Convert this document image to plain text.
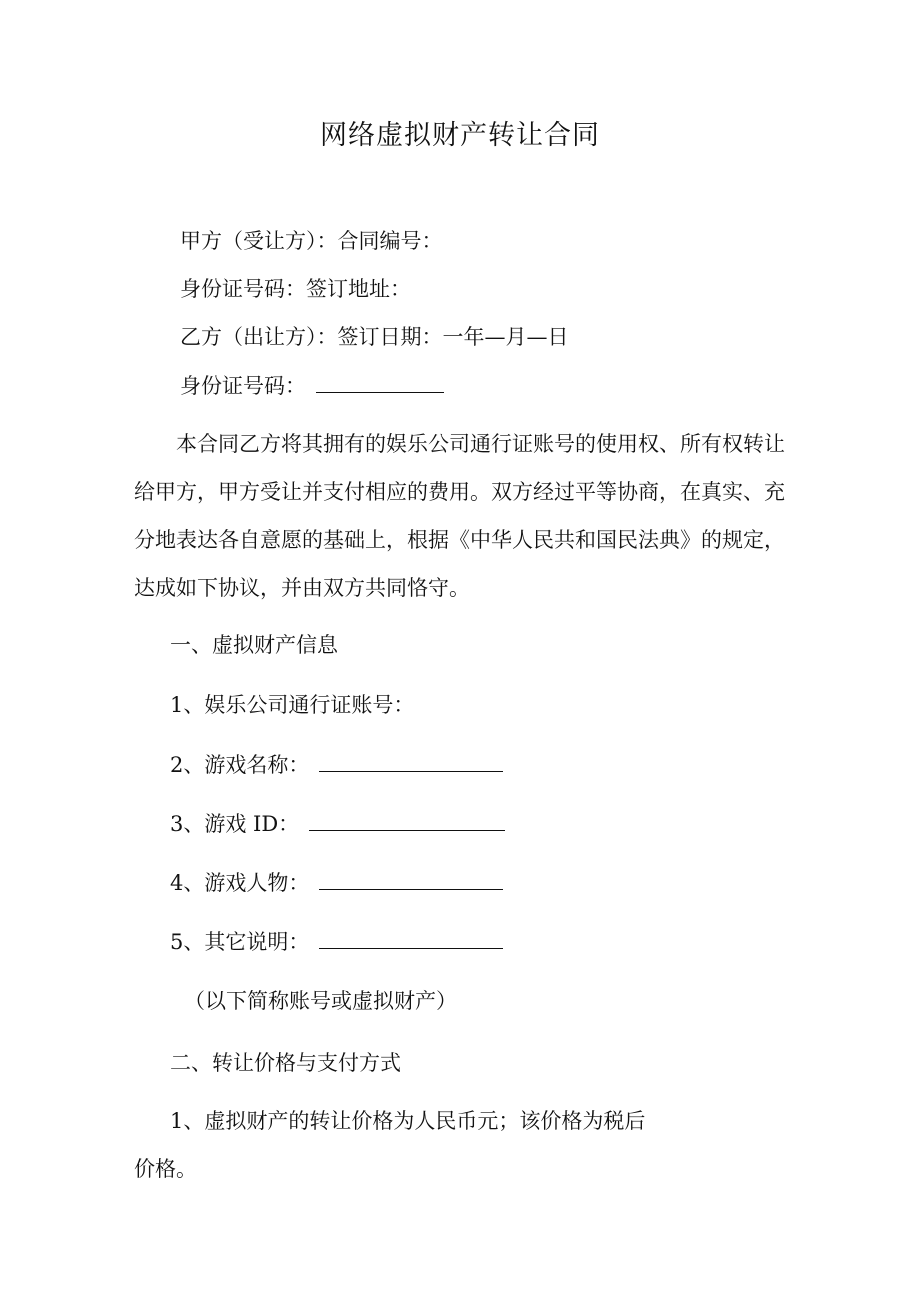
网络虚拟财产转让合同
甲方（受让方）：合同编号：
身份证号码：签订地址：
乙方（出让方）：签订日期：一年—月—日
身份证号码：
本合同乙方将其拥有的娱乐公司通行证账号的使用权、所有权转让给甲方，甲方受让并支付相应的费用。双方经过平等协商，在真实、充分地表达各自意愿的基础上，根据《中华人民共和国民法典》的规定，达成如下协议，并由双方共同恪守。
一、虚拟财产信息
1、娱乐公司通行证账号：
2、游戏名称：
3、游戏 ID：
4、游戏人物：
5、其它说明：
（以下简称账号或虚拟财产）
二、转让价格与支付方式
1、虚拟财产的转让价格为人民币元；该价格为税后
价格。
